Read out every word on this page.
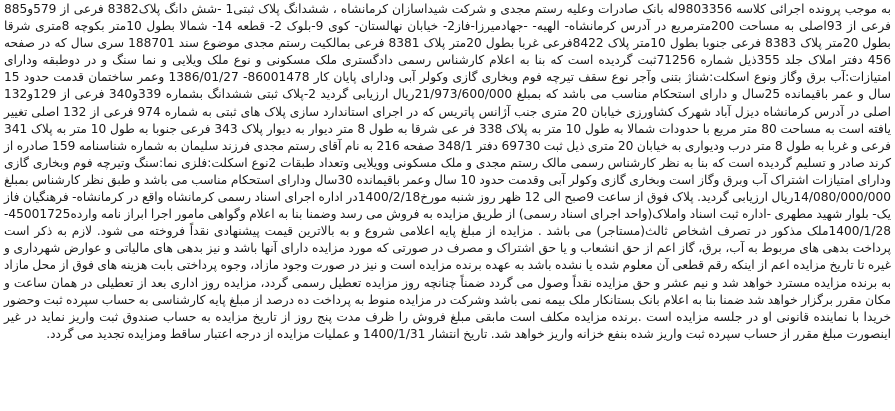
به موجب پرونده اجرائی کلاسه 9803356له بانک صادرات وعلیه رستم مجدی و شرکت شیداسازان کرمانشاه ، ششدانگ پلاک ثبتی1 -شش دانگ پلاک8382 فرعی از 579و885 فرعی از 93اصلی به مساحت 200مترمربع در آدرس کرمانشاه- الهیه- -جهادمیرزا-فاز2- خیابان نهالستان- کوی 9-بلوک 2- قطعه 14- شمالا بطول 10متر بکوچه 8متری شرقا بطول 20متر پلاک 8383 فرعی جنوبا بطول 10متر پلاک 8422فرعی غربا بطول 20متر پلاک 8381 فرعی بمالکیت رستم مجدی موضوع سند 188701 سری سال که در صفحه 456 دفتر املاک جلد 355ذیل شماره 71256ثبت گردیده است که بنا به اعلام کارشناس رسمی دادگستری ملک مسکونی و نوع ملک ویلایی و نما سنگ و در دوطبقه ودارای امتیازات:آب برق وگاز ونوع اسکلت:شناژ بتنی وآجر نوع سقف تیرچه فوم وبخاری گازی وکولر آبی ودارای پایان کار 86001478- 1386/01/27 وعمر ساختمان قدمت حدود 15 سال و عمر باقیمانده 25سال و دارای استحکام مناسب می باشد که بمبلغ 21/973/600/000ریال ارزیابی گردید 2-پلاک ثبتی ششدانگ بشماره 339و340 فرعی از 129و132 اصلی در آدرس کرمانشاه دیزل آباد شهرک کشاورزی خیابان 20 متری جنب آژانس پاتریس که در اجرای استاندارد سازی پلاک های ثبتی به شماره 974 فرعی از 132 اصلی تغییر یافته است به مساحت 80 متر مربع با حدودات شمالا به طول 10 متر به پلاک 338 فر عی شرقا به طول 8 متر دیوار به دیوار پلاک 343 فرعی جنوبا به طول 10 متر به پلاک 341 فرعی و غربا به طول 8 متر درب ودیواری به خیابان 20 متری ذیل ثبت 69730 دفتر 348/1 صفحه 216 به نام آقای رستم مجدی فرزند سلیمان به شماره شناسنامه 159 صادره از کرند صادر و تسلیم گردیده است که بنا به نظر کارشناس رسمی مالک رستم مجدی و ملک مسکونی وویلایی وتعداد طبقات 2نوع اسکلت:فلزی نما:سنگ وتیرچه فوم وبخاری گازی ودارای امتیازات اشتراک آب وبرق وگاز است وبخاری گازی وکولر آبی وقدمت حدود 10 سال وعمر باقیمانده 30سال ودارای استحکام مناسب می باشد و طبق نظر کارشناس بمبلغ 14/080/000/000ریال ارزیابی گردید. پلاک فوق از ساعت 9صبح الی 12 ظهر روز شنبه مورخ1400/2/18در اداره اجرای اسناد رسمی کرمانشاه واقع در کرمانشاه- فرهنگیان فاز یک- بلوار شهید مطهری -اداره ثبت اسناد واملاک(واحد اجرای اسناد رسمی) از طریق مزایده به فروش می رسد وضمنا بنا به اعلام وگواهی مامور اجرا ابراز نامه وارده45001725-1400/1/28ملک مذکور در تصرف اشخاص ثالث(مستاجر) می باشد . مزایده از مبلغ پایه اعلامی شروع و به بالاترین قیمت پیشنهادی نقداً فروخته می شود. لازم به ذکر است پرداخت بدهی های مربوط به آب، برق، گاز اعم از حق انشعاب و یا حق اشتراک و مصرف در صورتی که مورد مزایده دارای آنها باشد و نیز بدهی های مالیاتی و عوارض شهرداری و غیره تا تاریخ مزایده اعم از اینکه رقم قطعی آن معلوم شده یا نشده باشد به عهده برنده مزایده است و نیز در صورت وجود مازاد، وجوه پرداختی بابت هزینه های فوق از محل مازاد به برنده مزایده مسترد خواهد شد و نیم عشر و حق مزایده نقداً وصول می گردد ضمناً چنانچه روز مزایده تعطیل رسمی گردد، مزایده روز اداری بعد از تعطیلی در همان ساعت و مکان مقرر برگزار خواهد شد ضمنا بنا به اعلام بانک بستانکار ملک بیمه نمی باشد وشرکت در مزایده منوط به پرداخت ده درصد از مبلغ پایه کارشناسی به حساب سپرده ثبت وحضور خریدا با نماینده قانونی او در جلسه مزایده است .برنده مزایده مکلف است مابقی مبلغ فروش را ظرف مدت پنج روز از تاریخ مزایده به حساب صندوق ثبت واریز نماید در غیر اینصورت مبلغ مقرر از حساب سپرده ثبت واریز شده بنفع خزانه واریز خواهد شد. تاریخ انتشار 1400/1/31 و عملیات مزایده از درجه اعتبار ساقط ومزایده تجدید می گردد.
